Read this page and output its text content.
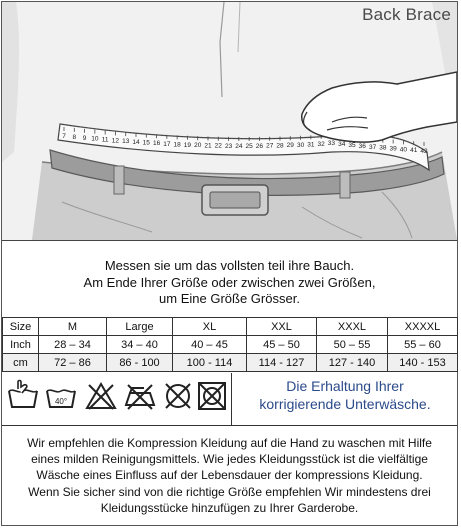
7 8 9 10 11 12 13 14 15 16 17 18 19 20 21 22 23 24 25 26 27 28 29 30 31 32 33 34 35 36 37 38 39 40 41 42
Back Brace
Messen sie um das vollsten teil ihre Bauch.
Am Ende Ihrer Größe oder zwischen zwei Größen,
um Eine Größe Grösser.
Size	M	Large	XL	XXL	XXXL	XXXXL
Inch	28 – 34	34 – 40	40 – 45	45 – 50	50 – 55	55 – 60
cm	72 – 86	86 - 100	100 - 114	114 - 127	127 - 140	140 - 153
40°
Die Erhaltung Ihrer
korrigierende Unterwäsche.
Wir empfehlen die Kompression Kleidung auf die Hand zu waschen mit Hilfe
eines milden Reinigungsmittels. Wie jedes Kleidungsstück ist die vielfältige
Wäsche eines Einfluss auf der Lebensdauer der kompressions Kleidung.
Wenn Sie sicher sind von die richtige Größe empfehlen Wir mindestens drei
Kleidungsstücke hinzufügen zu Ihrer Garderobe.
